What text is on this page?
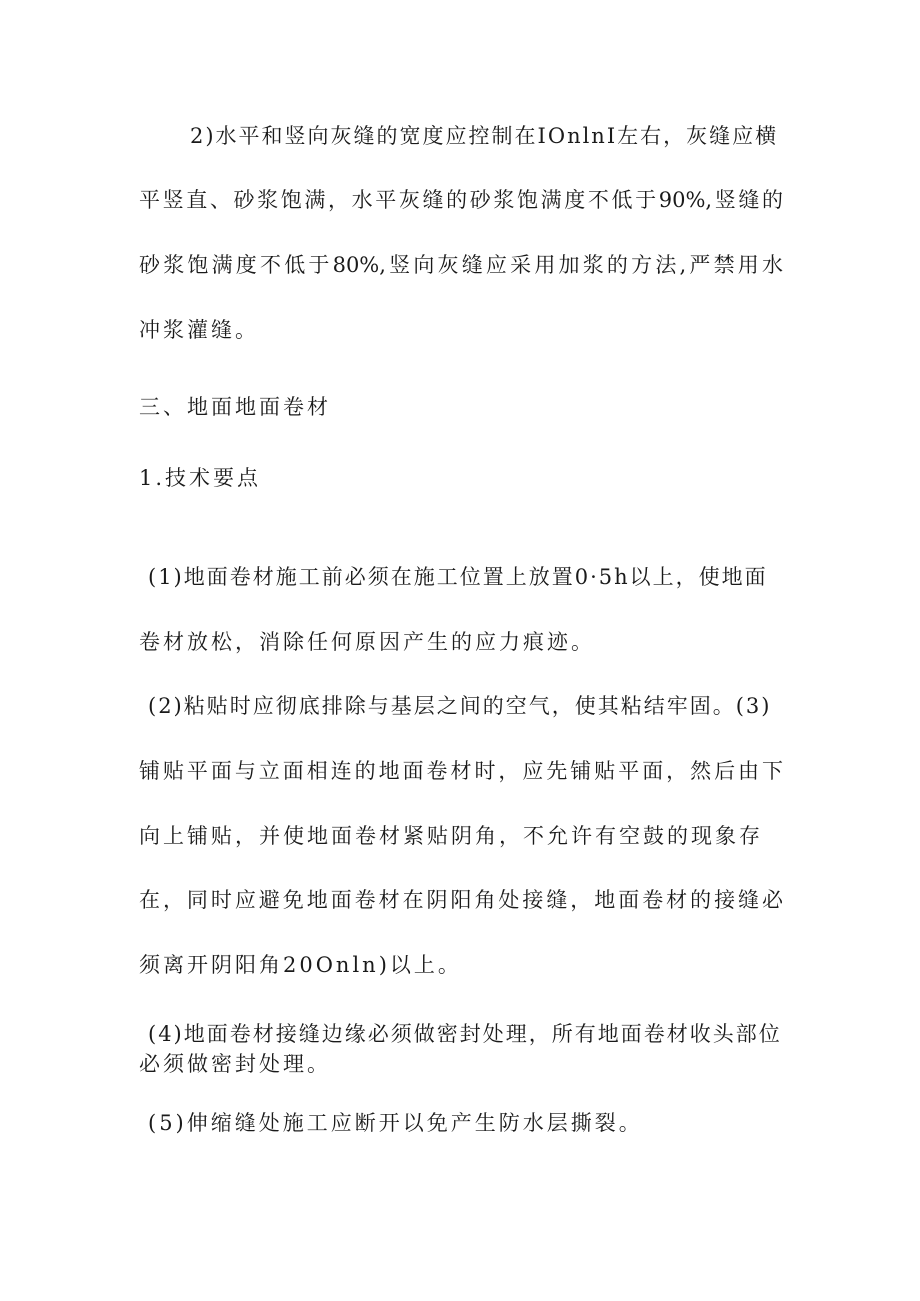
2)水平和竖向灰缝的宽度应控制在IOnlnI左右，灰缝应横
平竖直、砂浆饱满，水平灰缝的砂浆饱满度不低于90%,竖缝的
砂浆饱满度不低于80%,竖向灰缝应采用加浆的方法,严禁用水
冲浆灌缝。
三、地面地面卷材
1.技术要点
(1)地面卷材施工前必须在施工位置上放置0·5h以上，使地面
卷材放松，消除任何原因产生的应力痕迹。
(2)粘贴时应彻底排除与基层之间的空气，使其粘结牢固。(3)
铺贴平面与立面相连的地面卷材时，应先铺贴平面，然后由下
向上铺贴，并使地面卷材紧贴阴角，不允许有空鼓的现象存
在，同时应避免地面卷材在阴阳角处接缝，地面卷材的接缝必
须离开阴阳角20Onln)以上。
(4)地面卷材接缝边缘必须做密封处理，所有地面卷材收头部位
必须做密封处理。
(5)伸缩缝处施工应断开以免产生防水层撕裂。
